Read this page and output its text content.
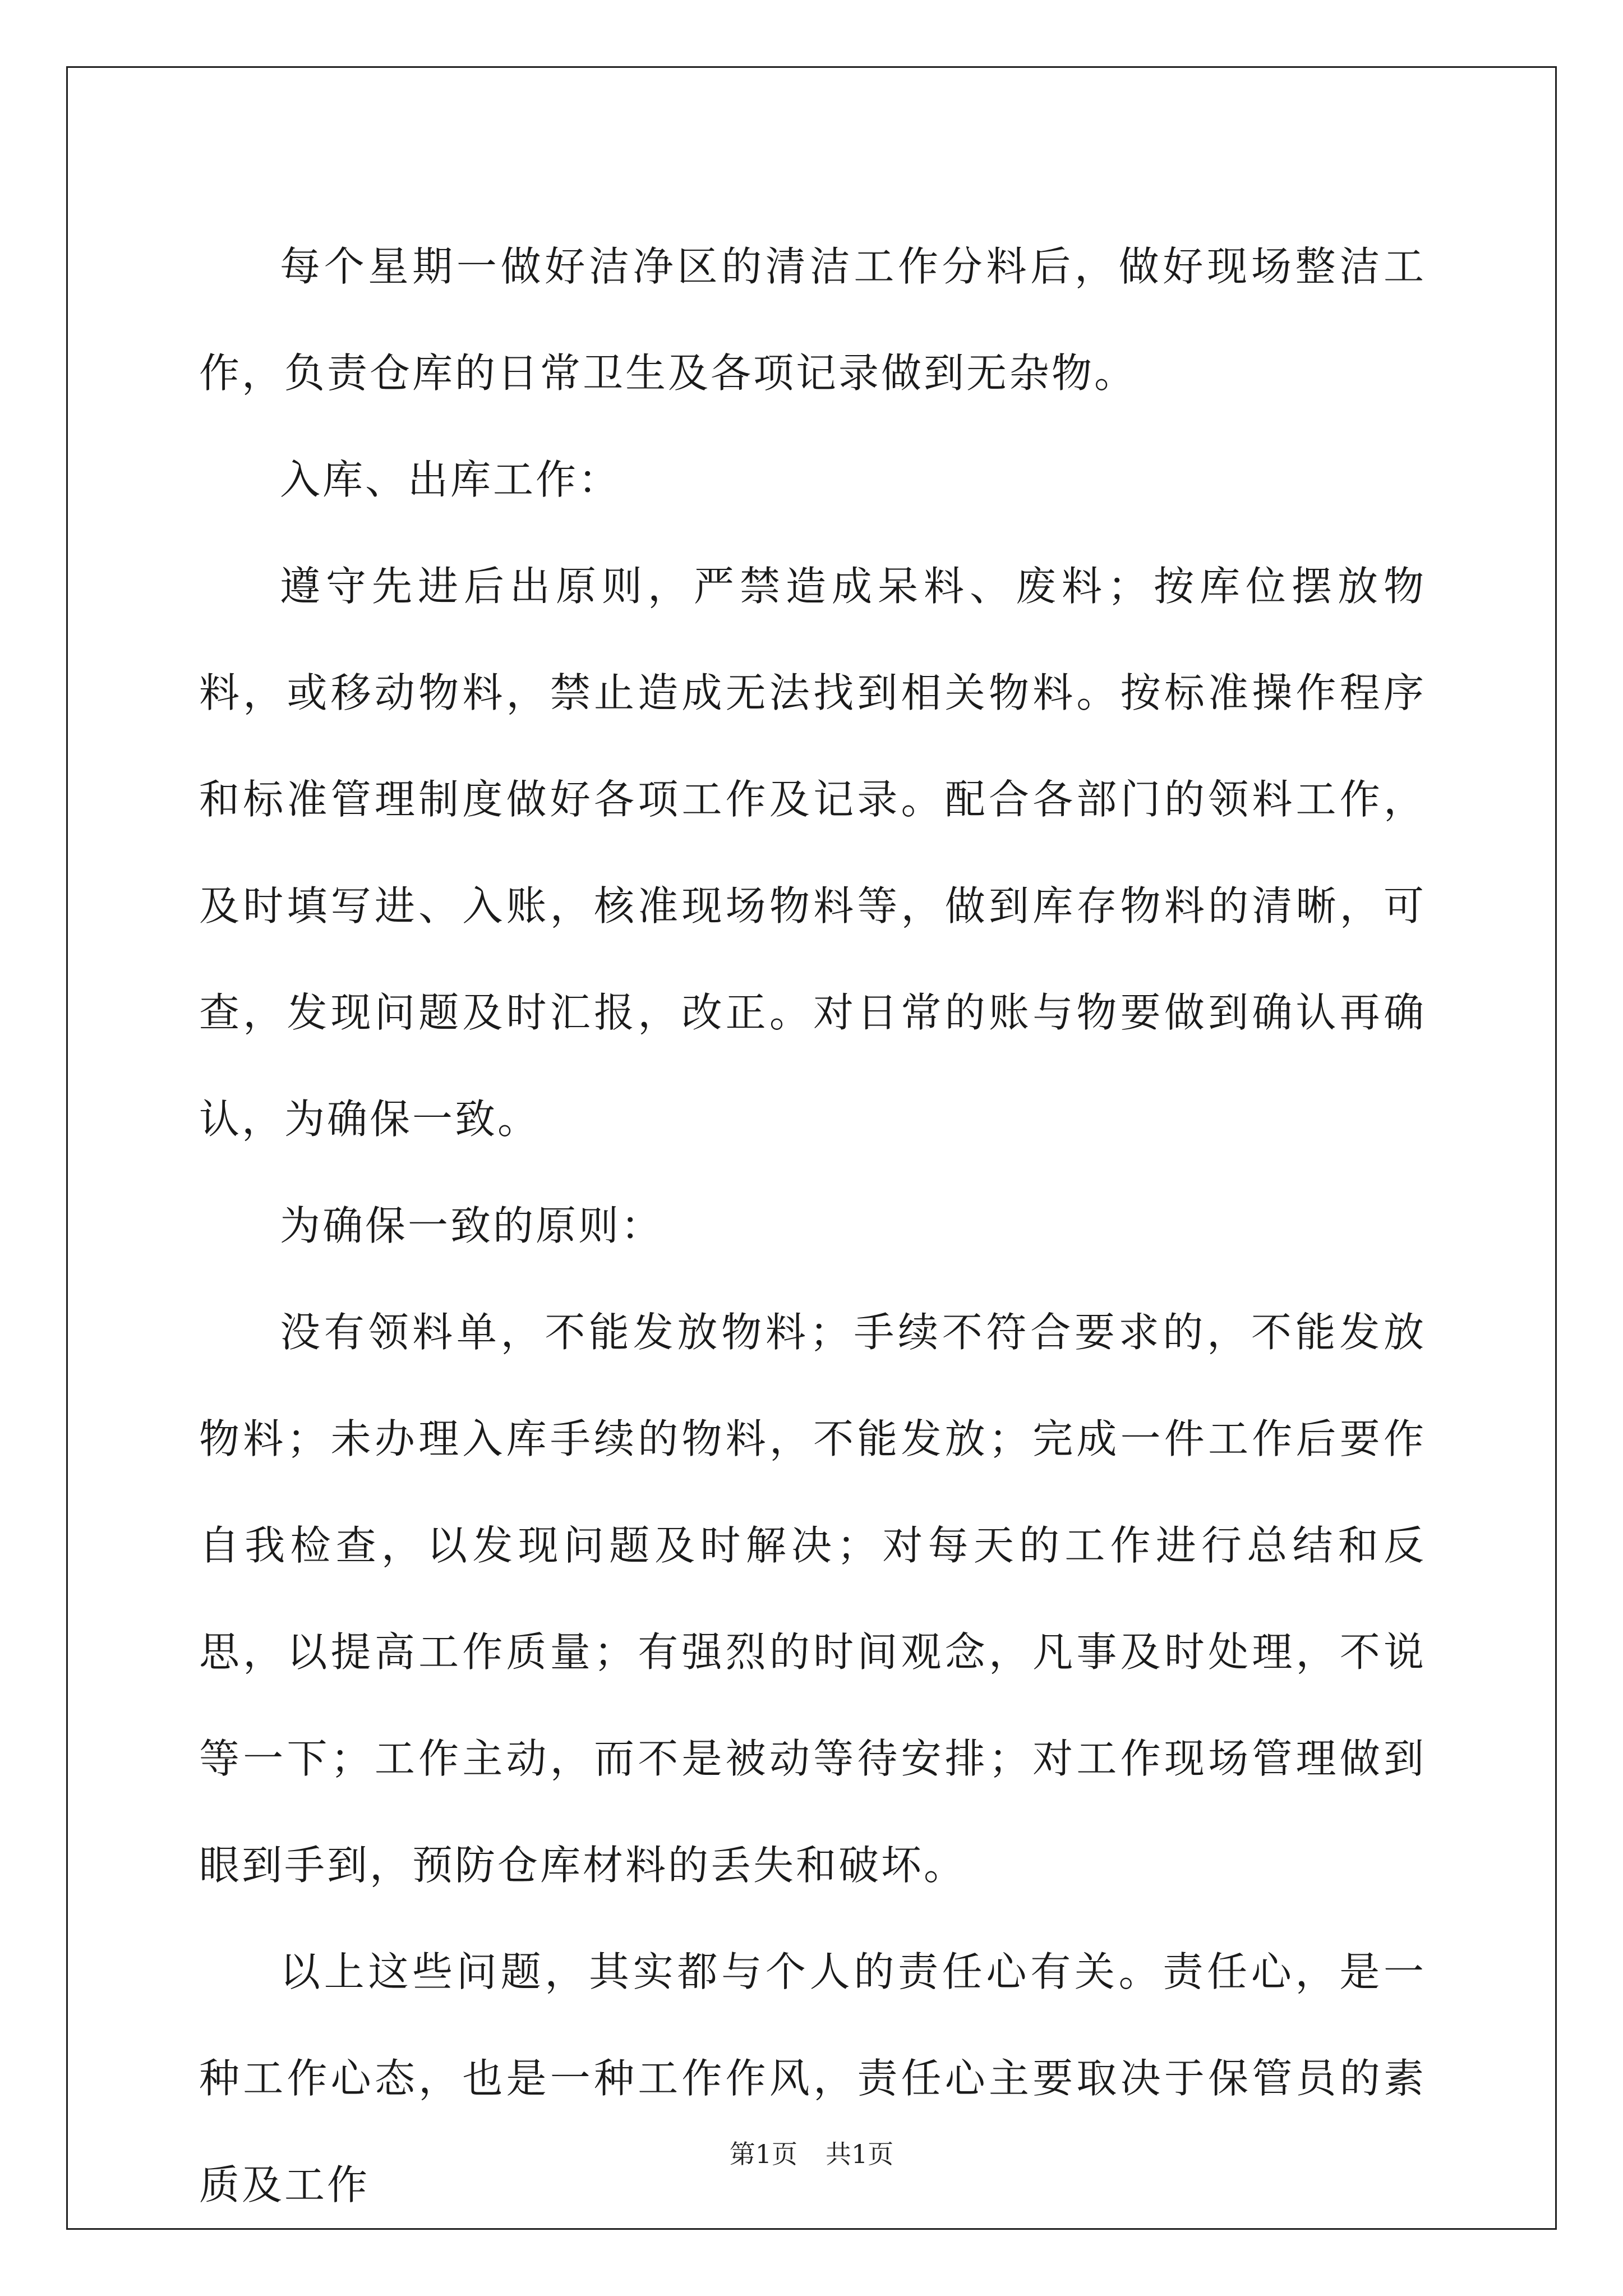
每个星期一做好洁净区的清洁工作分料后，做好现场整洁工作，负责仓库的日常卫生及各项记录做到无杂物。

入库、出库工作：

遵守先进后出原则，严禁造成呆料、废料；按库位摆放物料，或移动物料，禁止造成无法找到相关物料。按标准操作程序和标准管理制度做好各项工作及记录。配合各部门的领料工作，及时填写进、入账，核准现场物料等，做到库存物料的清晰，可查，发现问题及时汇报，改正。对日常的账与物要做到确认再确认，为确保一致。

为确保一致的原则：

没有领料单，不能发放物料；手续不符合要求的，不能发放物料；未办理入库手续的物料，不能发放；完成一件工作后要作自我检查，以发现问题及时解决；对每天的工作进行总结和反思，以提高工作质量；有强烈的时间观念，凡事及时处理，不说等一下；工作主动，而不是被动等待安排；对工作现场管理做到眼到手到，预防仓库材料的丢失和破坏。

以上这些问题，其实都与个人的责任心有关。责任心，是一种工作心态，也是一种工作作风，责任心主要取决于保管员的素质及工作

第1页 共1页
